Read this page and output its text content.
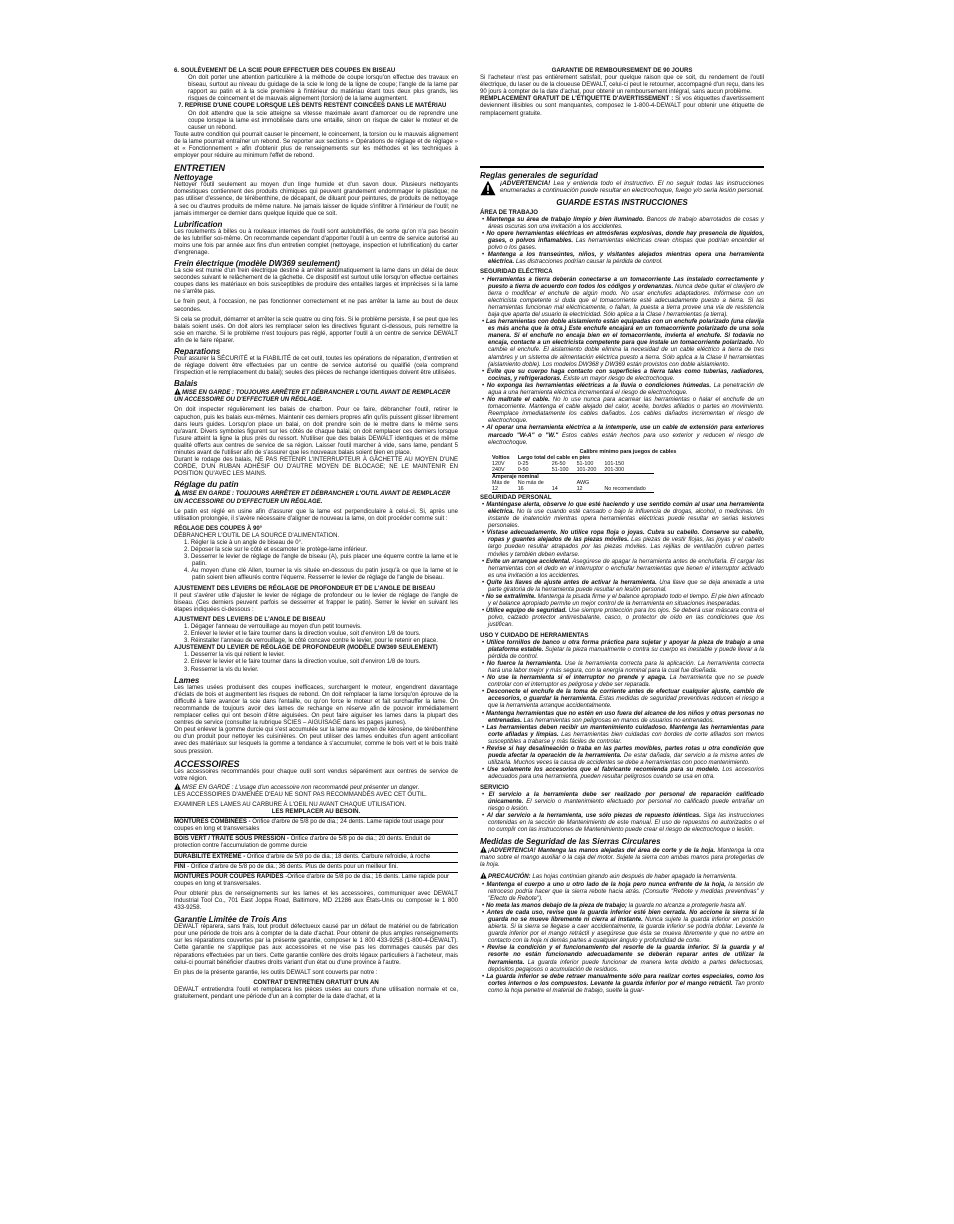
6. SOULÈVEMENT DE LA SCIE POUR EFFECTUER DES COUPES EN BISEAU

On doit porter une attention particulière à la méthode de coupe lorsqu'on effectue des travaux en biseau, surtout au niveau du guidage de la scie le long de la ligne de coupe; l'angle de la lame par rapport au patin et à la scie première à l'intérieur du matériau étant tous deux plus grands, les risques de coincement et de mauvais alignement (torsion) de la lame augmentent.

7. REPRISE D'UNE COUPE LORSQUE LES DENTS RESTENT COINCÉES DANS LE MATÉRIAU

On doit attendre que la scie atteigne sa vitesse maximale avant d'amorcer ou de reprendre une coupe lorsque la lame est immobilisée dans une entaille, sinon on risque de caler le moteur et de causer un rebond.

Toute autre condition qui pourrait causer le pincement, le coincement, la torsion ou le mauvais alignement de la lame pourrait entraîner un rebond. Se reporter aux sections « Opérations de réglage et de réglage » et « Fonctionnement » afin d'obtenir plus de renseignements sur les méthodes et les techniques à employer pour réduire au minimum l'effet de rebond.

ENTRETIEN
Nettoyage

Nettoyer l'outil seulement au moyen d'un linge humide et d'un savon doux. Plusieurs nettoyants domestiques contiennent des produits chimiques qui peuvent grandement endommager le plastique; ne pas utiliser d'essence, de térébenthine, de décapant, de diluant pour peintures, de produits de nettoyage à sec ou d'autres produits de même nature. Ne jamais laisser de liquide s'infiltrer à l'intérieur de l'outil; ne jamais immerger ce dernier dans quelque liquide que ce soit.

Lubrification

Les roulements à billes ou à rouleaux internes de l'outil sont autolubrifiés, de sorte qu'on n'a pas besoin de les lubrifier soi-même. On recommande cependant d'apporter l'outil à un centre de service autorisé au moins une fois par année aux fins d'un entretien complet (nettoyage, inspection et lubrification) du carter d'engrenage.

Frein électrique (modèle DW369 seulement)

La scie est munie d'un frein électrique destiné à arrêter automatiquement la lame dans un délai de deux secondes suivant le relâchement de la gâchette. Ce dispositif est surtout utile lorsqu'on effectue certaines coupes dans les matériaux en bois susceptibles de produire des entailles larges et imprécises si la lame ne s'arrête pas.

Le frein peut, à l'occasion, ne pas fonctionner correctement et ne pas arrêter la lame au bout de deux secondes.

Si cela se produit, démarrer et arrêter la scie quatre ou cinq fois. Si le problème persiste, il se peut que les balais soient usés. On doit alors les remplacer selon les directives figurant ci-dessous, puis remettre la scie en marche. Si le problème n'est toujours pas réglé, apporter l'outil à un centre de service DEWALT afin de le faire réparer.

Reparations

Pour assurer la SÉCURITÉ et la FIABILITÉ de cet outil, toutes les opérations de réparation, d'entretien et de réglage doivent être effectuées par un centre de service autorisé ou qualifié (cela comprend l'inspection et le remplacement du balai); seules des pièces de rechange identiques doivent être utilisées.

Balais

MISE EN GARDE : TOUJOURS ARRÊTER ET DÉBRANCHER L'OUTIL AVANT DE REMPLACER UN ACCESSOIRE OU D'EFFECTUER UN RÉGLAGE.

On doit inspecter régulièrement les balais de charbon. Pour ce faire, débrancher l'outil, retirer le capuchon, puis les balais eux-mêmes. Maintenir ces derniers propres afin qu'ils puissent glisser librement dans leurs guides. Lorsqu'on place un balai, on doit prendre soin de le mettre dans le même sens qu'avant. Divers symboles figurent sur les côtés de chaque balai; on doit remplacer ces derniers lorsque l'usure atteint la ligne la plus près du ressort. N'utiliser que des balais DEWALT identiques et de même qualité offerts aux centres de service de sa région. Laisser l'outil marcher à vide, sans lame, pendant 5 minutes avant de l'utiliser afin de s'assurer que les nouveaux balais soient bien en place.

Durant le rodage des balais, NE PAS RETENIR L'INTERRUPTEUR À GÂCHETTE AU MOYEN D'UNE CORDE, D'UN RUBAN ADHÉSIF OU D'AUTRE MOYEN DE BLOCAGE; NE LE MAINTENIR EN POSITION QU'AVEC LES MAINS.

Réglage du patin

MISE EN GARDE : TOUJOURS ARRÊTER ET DÉBRANCHER L'OUTIL AVANT DE REMPLACER UN ACCESSOIRE OU D'EFFECTUER UN RÉGLAGE.

Le patin est réglé en usine afin d'assurer que la lame est perpendiculaire à celui-ci. Si, après une utilisation prolongée, il s'avère nécessaire d'aligner de nouveau la lame, on doit procéder comme suit :

RÉGLAGE DES COUPES À 90°

DÉBRANCHER L'OUTIL DE LA SOURCE D'ALIMENTATION.

1. Régler la scie à un angle de biseau de 0°.

2. Déposer la scie sur le côté et escamoter le protège-lame inférieur.

3. Desserrer le levier de réglage de l'angle de biseau (A), puis placer une équerre contre la lame et le patin.

4. Au moyen d'une clé Allen, tourner la vis située en-dessous du patin jusqu'à ce que la lame et le patin soient bien affleurés contre l'équerre. Resserrer le levier de réglage de l'angle de biseau.

AJUSTEMENT DES LEVIERS DE RÉGLAGE DE PROFONDEUR ET DE L'ANGLE DE BISEAU

Il peut s'avérer utile d'ajuster le levier de réglage de profondeur ou le levier de réglage de l'angle de biseau. (Ces derniers peuvent parfois se desserrer et frapper le patin). Serrer le levier en suivant les étapes indiquées ci-dessous :

AJUSTMENT DES LEVIERS DE L'ANGLE DE BISEAU

1. Dégager l'anneau de verrouillage au moyen d'un petit tournevis.

2. Enlever le levier et le faire tourner dans la direction voulue, soit d'environ 1/8 de tours.

3. Réinstaller l'anneau de verrouillage, le côté concave contre le levier, pour le retenir en place.

AJUSTEMENT DU LEVIER DE RÉGLAGE DE PROFONDEUR (MODÈLE DW369 SEULEMENT)

1. Desserrer la vis qui retient le levier.

2. Enlever le levier et le faire tourner dans la direction voulue, soit d'environ 1/8 de tours.

3. Resserrer la vis du levier.

Lames

Les lames usées produisent des coupes inefficaces, surchargent le moteur, engendrent davantage d'éclats de bois et augmentent les risques de rebond. On doit remplacer la lame lorsqu'on éprouve de la difficulté à faire avancer la scie dans l'entaille, ou qu'on force le moteur et fait surchauffer la lame. On recommande de toujours avoir des lames de rechange en réserve afin de pouvoir immédiatement remplacer celles qui ont besoin d'être aiguisées. On peut faire aiguiser les lames dans la plupart des centres de service (consulter la rubrique SCIES – AIGUISAGE dans les pages jaunes).

On peut enlever la gomme durcie qui s'est accumulée sur la lame au moyen de kérosène, de térébenthine ou d'un produit pour nettoyer les cuisinières. On peut utiliser des lames enduites d'un agent anticollant avec des matériaux sur lesquels la gomme a tendance à s'accumuler, comme le bois vert et le bois traité sous pression.

ACCESSOIRES

Les accessoires recommandés pour chaque outil sont vendus séparément aux centres de service de votre région.

MISE EN GARDE : L'usage d'un accessoire non recommandé peut présenter un danger.

LES ACCESSOIRES D'AMENÉE D'EAU NE SONT PAS RECOMMANDÉS AVEC CET OUTIL.

EXAMINER LES LAMES AU CARBURE À L'OEIL NU AVANT CHAQUE UTILISATION.

LES REMPLACER AU BESOIN.

MONTURES COMBINÉES - Orifice d'arbre de 5/8 po de dia.; 24 dents. Lame rapide tout usage pour coupes en long et transversales

BOIS VERT / TRAITÉ SOUS PRESSION - Orifice d'arbre de 5/8 po de dia.; 20 dents. Enduit de protection contre l'accumulation de gomme durcie

DURABILITÉ EXTRÊME - Orifice d'arbre de 5/8 po de dia.; 18 dents. Carbure refroidie, à roche

FINI - Orifice d'arbre de 5/8 po de dia.; 36 dents. Plus de dents pour un meilleur fini.

MONTURES POUR COUPES RAPIDES -Orifice d'arbre de 5/8 po de dia.; 16 dents. Lame rapide pour coupes en long et transversales.

Pour obtenir plus de renseignements sur les lames et les accessoires, communiquer avec DEWALT Industrial Tool Co., 701 East Joppa Road, Baltimore, MD 21286 aux États-Unis ou composer le 1 800 433-9258.

Garantie Limitée de Trois Ans

DEWALT réparera, sans frais, tout produit défectueux causé par un défaut de matériel ou de fabrication pour une période de trois ans à compter de la date d'achat. Pour obtenir de plus amples renseignements sur les réparations couvertes par la présente garantie, composer le 1 800 433-9258 (1-800-4-DEWALT). Cette garantie ne s'applique pas aux accessoires et ne vise pas les dommages causés par des réparations effectuées par un tiers. Cette garantie confère des droits légaux particuliers à l'acheteur, mais celui-ci pourrait bénéficier d'autres droits variant d'un état ou d'une province à l'autre.

En plus de la présente garantie, les outils DEWALT sont couverts par notre :

CONTRAT D'ENTRETIEN GRATUIT D'UN AN

DEWALT entretiendra l'outil et remplacera les pièces usées au cours d'une utilisation normale et ce, gratuitement, pendant une période d'un an à compter de la date d'achat, et la

GARANTIE DE REMBOURSEMENT DE 90 JOURS

Si l'acheteur n'est pas entièrement satisfait, pour quelque raison que ce soit, du rendement de l'outil électrique, du laser ou de la cloueuse DEWALT, celui-ci peut le retourner, accompagné d'un reçu, dans les 90 jours à compter de la date d'achat, pour obtenir un remboursement intégral, sans aucun problème.

REMPLACEMENT GRATUIT DE L'ÉTIQUETTE D'AVERTISSEMENT : Si vos étiquettes d'avertissement deviennent illisibles ou sont manquantes, composez le 1-800-4-DEWALT pour obtenir une étiquette de remplacement gratuite.

Reglas generales de seguridad

¡ADVERTENCIA! Lea y entienda todo el instructivo. El no seguir todas las instrucciones enumeradas a continuación puede resultar en electrochoque, fuego y/o seria lesión personal.

GUARDE ESTAS INSTRUCCIONES

ÁREA DE TRABAJO

• Mantenga su área de trabajo limpio y bien iluminado. Bancos de trabajo abarrotados de cosas y áreas oscuras son una invitación a los accidentes.

• No opere herramientas eléctricas en atmósferas explosivas, donde hay presencia de líquidos, gases, o polvos inflamables. Las herramientas eléctricas crean chispas que podrían encender el polvo o los gases.

• Mantenga a los transeúntes, niños, y visitantes alejados mientras opera una herramienta eléctrica. Las distracciones podrían causar la pérdida de control.

SEGURIDAD ELÉCTRICA

• Herramientas a tierra deberán conectarse a un tomacorriente Las instalado correctamente y puesto a tierra de acuerdo con todos los códigos y ordenanzas. Nunca debe quitar el clavijero de tierra o modificar el enchufe de algún modo. No usar enchufes adaptadores. Infórmese con un electricista competente si duda que el tomacorriente esté adecuadamente puesto a tierra. Si las herramientas funcionan mal eléctricamente, o fallan, la puesta a tierra provee una vía de resistencia baja que aparta del usuario la electricidad. Sólo aplica a la Clase I herramientas (a tierra).

• Las herramientas con doble aislamiento están equipadas con un enchufe polarizado (una clavija es más ancha que la otra.) Este enchufe encajará en un tomacorriente polarizado de una sola manera. Si el enchufe no encaja bien en el tomacorriente, invierta el enchufe. Si todavía no encaja, contacte a un electricista competente para que instale un tomacorriente polarizado. No cambie el enchufe. El aislamiento doble elimina la necesidad de un cable eléctrico a tierra de tres alambres y un sistema de alimentación eléctrica puesto a tierra. Sólo aplica a la Clase II herramientas (aislamiento doble). Los modelos DW368 y DW369 están provistos con doble aislamiento.

• Evite que su cuerpo haga contacto con superficies a tierra tales como tuberías, radiadores, cocinas, y refrigeradoras. Existe un mayor riesgo de electrochoque.

• No exponga las herramientas eléctricas a la lluvia o condiciones húmedas. La penetración de agua a una herramienta eléctrica incrementará el riesgo de electrochoque.

• No maltrate el cable. No lo use nunca para acarrear las herramientas o halar el enchufe de un tomacorriente. Mantenga el cable alejado del calor, aceite, bordes afilados o partes en movimiento. Reemplace inmediatamente los cables dañados. Los cables dañados incrementan el riesgo de electrochoque.

• Al operar una herramienta eléctrica a la intemperie, use un cable de extensión para exteriores marcado "W-A" o "W." Estos cables están hechos para uso exterior y reducen el riesgo de electrochoque.

Calibre mínimo para juegos de cables

Voltios	Largo total del cable en pies			
120V	0-25	26-50	51-100	101-150
240V	0-50	51-100	101-200	201-300
Amperaje nominal				
Más de	No más de		AWG	
12	16	14	12	No recomendado

SEGURIDAD PERSONAL

• Manténgase alerta, observe lo que esté haciendo y use sentido común al usar una herramienta eléctrica. No la use cuando esté cansado o bajo la influencia de drogas, alcohol, o medicinas. Un instante de inatención mientras opera herramientas eléctricas puede resultar en serias lesiones personales.

• Vístase adecuadamente. No utilice ropa floja o joyas. Cubra su cabello. Conserve su cabello, ropas y guantes alejados de las piezas móviles. Las piezas de vestir flojas, las joyas y el cabello largo pueden resultar atrapados por las piezas móviles. Las rejillas de ventilación cubren partes móviles y también deben evitarse.

• Evite un arranque accidental. Asegúrese de apagar la herramienta antes de enchufarla. El cargar las herramientas con el dedo en el interruptor o enchufar herramientas que tienen el interruptor activado es una invitación a los accidentes.

• Quite las llaves de ajuste antes de activar la herramienta. Una llave que se deja anexada a una parte giratoria de la herramienta puede resultar en lesión personal.

• No se extralimite. Mantenga la pisada firme y el balance apropiado todo el tiempo. El pie bien afincado y el balance apropiado permite un mejor control de la herramienta en situaciones inesperadas.

• Utilice equipo de seguridad. Use siempre protección para los ojos. Se deberá usar máscara contra el polvo, calzado protector antirresbalante, casco, o protector de oído en las condiciones que los justifican.

USO Y CUIDADO DE HERRAMIENTAS

• Utilice tornillos de banco u otra forma práctica para sujetar y apoyar la pieza de trabajo a una plataforma estable. Sujetar la pieza manualmente o contra su cuerpo es inestable y puede llevar a la pérdida de control.

• No fuerce la herramienta. Use la herramienta correcta para la aplicación. La herramienta correcta hará una labor mejor y más segura, con la energía nominal para la cual fue diseñada.

• No use la herramienta si el interruptor no prende y apaga. La herramienta que no se puede controlar con el interruptor es peligrosa y debe ser reparada.

• Desconecte el enchufe de la toma de corriente antes de efectuar cualquier ajuste, cambio de accesorios, o guardar la herramienta. Estas medidas de seguridad preventivas reducen el riesgo a que la herramienta arranque accidentalmente.

• Mantenga herramientas que no estén en uso fuera del alcance de los niños y otras personas no entrenadas. Las herramientas son peligrosas en manos de usuarios no entrenados.

• Las herramientas deben recibir un mantenimiento cuidadoso. Mantenga las herramientas para corte afiladas y limpias. Las herramientas bien cuidadas con bordes de corte afilados son menos susceptibles a trabarse y más fáciles de controlar.

• Revise si hay desalineación o traba en las partes movibles, partes rotas u otra condición que pueda afectar la operación de la herramienta. De estar dañada, dar servicio a la misma antes de utilizarla. Muchos veces la causa de accidentes se debe a herramientas con poco mantenimiento.

• Use solamente los accesorios que el fabricante recomienda para su modelo. Los accesorios adecuados para una herramienta, pueden resultar peligrosos cuando se usa en otra.

SERVICIO

• El servicio a la herramienta debe ser realizado por personal de reparación calificado únicamente. El servicio o mantenimiento efectuado por personal no calificado puede entrañar un riesgo o lesión.

• Al dar servicio a la herramienta, use sólo piezas de repuesto idénticas. Siga las instrucciones contenidas en la sección de Mantenimiento de este manual. El uso de repuestos no autorizados o el no cumplir con las instrucciones de Mantenimiento puede crear el riesgo de electrochoque o lesión.

Medidas de Seguridad de las Sierras Circulares

¡ADVERTENCIA! Mantenga las manos alejadas del área de corte y de la hoja. Mantenga la otra mano sobre el mango auxiliar o la caja del motor. Sujete la sierra con ambas manos para protegerlas de la hoja.

PRECAUCIÓN: Las hojas continúan girando aún después de haber apagado la herramienta.

• Mantenga el cuerpo a uno u otro lado de la hoja pero nunca enfrente de la hoja, la tensión de retroceso podría hacer que la sierra rebote hacia atrás. (Consulte "Rebote y medidas preventivas" y "Efecto de Rebote").

• No meta las manos debajo de la pieza de trabajo; la guarda no alcanza a protegerle hasta allí.

• Antes de cada uso, revise que la guarda inferior esté bien cerrada. No accione la sierra si la guarda no se mueve libremente ni cierra al instante. Nunca sujete la guarda inferior en posición abierta. Si la sierra se llegase a caer accidentalmente, la guarda inferior se podría doblar. Levante la guarda inferior por el mango retráctil y asegúrese que ésta se mueva libremente y que no entre en contacto con la hoja ni demás partes a cualquier ángulo y profundidad de corte.

• Revise la condición y el funcionamiento del resorte de la guarda inferior. Si la guarda y el resorte no están funcionando adecuadamente se deberán reparar antes de utilizar la herramienta. La guarda inferior puede funcionar de manera lenta debido a partes defectuosas, depósitos pegajosos o acumulación de residuos.

• La guarda inferior se debe retraer manualmente sólo para realizar cortes especiales, como los cortes internos o los compuestos. Levante la guarda inferior por el mango retráctil. Tan pronto como la hoja penetre el material de trabajo, suelte la guar-
